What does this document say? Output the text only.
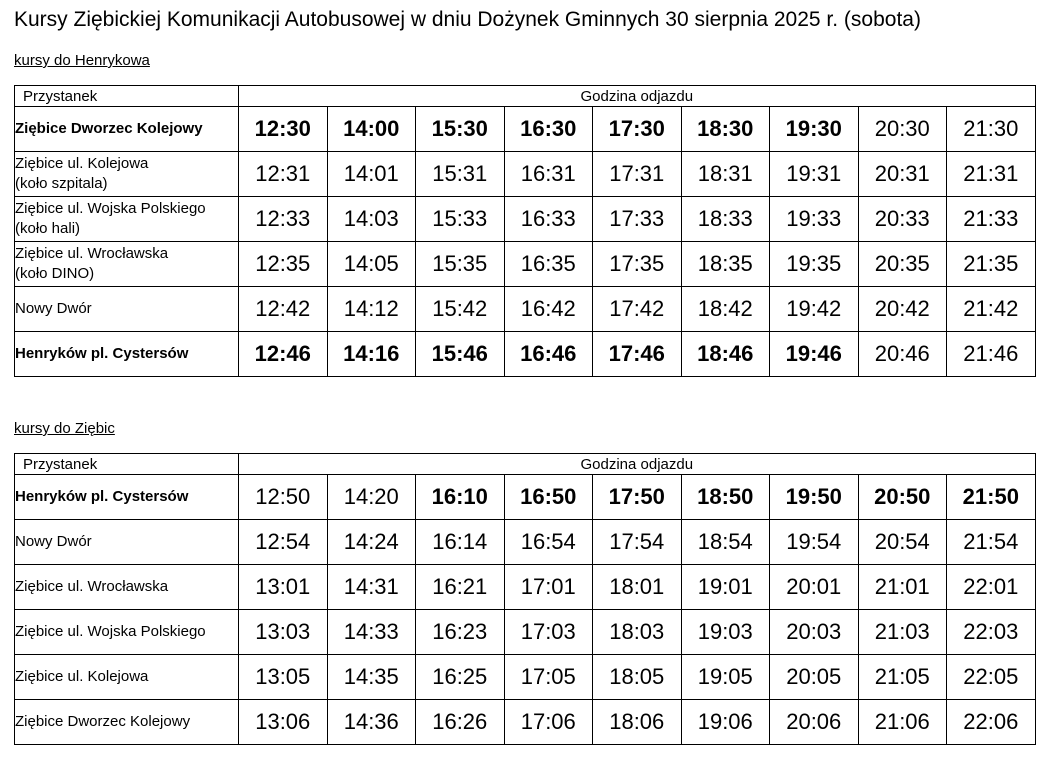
Kursy Ziębickiej Komunikacji Autobusowej w dniu Dożynek Gminnych 30 sierpnia 2025 r. (sobota)
kursy do Henrykowa
Przystanek	Godzina odjazdu								

Ziębice Dworzec Kolejowy	12:30	14:00	15:30	16:30	17:30	18:30	19:30	20:30	21:30

Ziębice ul. Kolejowa
(koło szpitala)	12:31	14:01	15:31	16:31	17:31	18:31	19:31	20:31	21:31

Ziębice ul. Wojska Polskiego
(koło hali)	12:33	14:03	15:33	16:33	17:33	18:33	19:33	20:33	21:33

Ziębice ul. Wrocławska
(koło DINO)	12:35	14:05	15:35	16:35	17:35	18:35	19:35	20:35	21:35

Nowy Dwór	12:42	14:12	15:42	16:42	17:42	18:42	19:42	20:42	21:42

Henryków pl. Cystersów	12:46	14:16	15:46	16:46	17:46	18:46	19:46	20:46	21:46
kursy do Ziębic
Przystanek	Godzina odjazdu								

Henryków pl. Cystersów	12:50	14:20	16:10	16:50	17:50	18:50	19:50	20:50	21:50

Nowy Dwór	12:54	14:24	16:14	16:54	17:54	18:54	19:54	20:54	21:54

Ziębice ul. Wrocławska	13:01	14:31	16:21	17:01	18:01	19:01	20:01	21:01	22:01

Ziębice ul. Wojska Polskiego	13:03	14:33	16:23	17:03	18:03	19:03	20:03	21:03	22:03

Ziębice ul. Kolejowa	13:05	14:35	16:25	17:05	18:05	19:05	20:05	21:05	22:05

Ziębice Dworzec Kolejowy	13:06	14:36	16:26	17:06	18:06	19:06	20:06	21:06	22:06
